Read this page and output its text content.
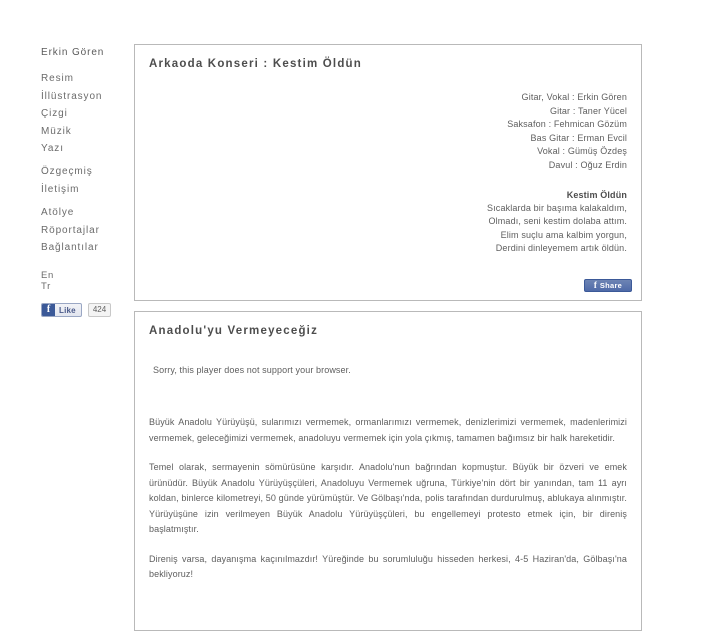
Erkin Gören
Resim
İllüstrasyon
Çizgi
Müzik
Yazı
Özgeçmiş
İletişim
Atölye
Röportajlar
Bağlantılar
En
Tr
f	Like	424
Arkaoda Konseri : Kestim Öldün
Gitar, Vokal : Erkin Gören
Gitar : Taner Yücel
Saksafon : Fehmican Gözüm
Bas Gitar : Erman Evcil
Vokal : Gümüş Özdeş
Davul : Oğuz Erdin
Kestim Öldün
Sıcaklarda bir başıma kalakaldım,
Olmadı, seni kestim dolaba attım.
Elim suçlu ama kalbim yorgun,
Derdini dinleyemem artık öldün.
f Share
Anadolu'yu Vermeyeceğiz
Sorry, this player does not support your browser.

Büyük Anadolu Yürüyüşü, sularımızı vermemek, ormanlarımızı vermemek, denizlerimizi vermemek, madenlerimizi vermemek, geleceğimizi vermemek, anadoluyu vermemek için yola çıkmış, tamamen bağımsız bir halk hareketidir.

Temel olarak, sermayenin sömürüsüne karşıdır. Anadolu'nun bağrından kopmuştur. Büyük bir özveri ve emek ürünüdür. Büyük Anadolu Yürüyüşçüleri, Anadoluyu Vermemek uğruna, Türkiye'nin dört bir yanından, tam 11 ayrı koldan, binlerce kilometreyi, 50 günde yürümüştür. Ve Gölbaşı'nda, polis tarafından durdurulmuş, ablukaya alınmıştır. Yürüyüşüne izin verilmeyen Büyük Anadolu Yürüyüşçüleri, bu engellemeyi protesto etmek için, bir direniş başlatmıştır.

Direniş varsa, dayanışma kaçınılmazdır! Yüreğinde bu sorumluluğu hisseden herkesi, 4-5 Haziran'da, Gölbaşı'na bekliyoruz!
